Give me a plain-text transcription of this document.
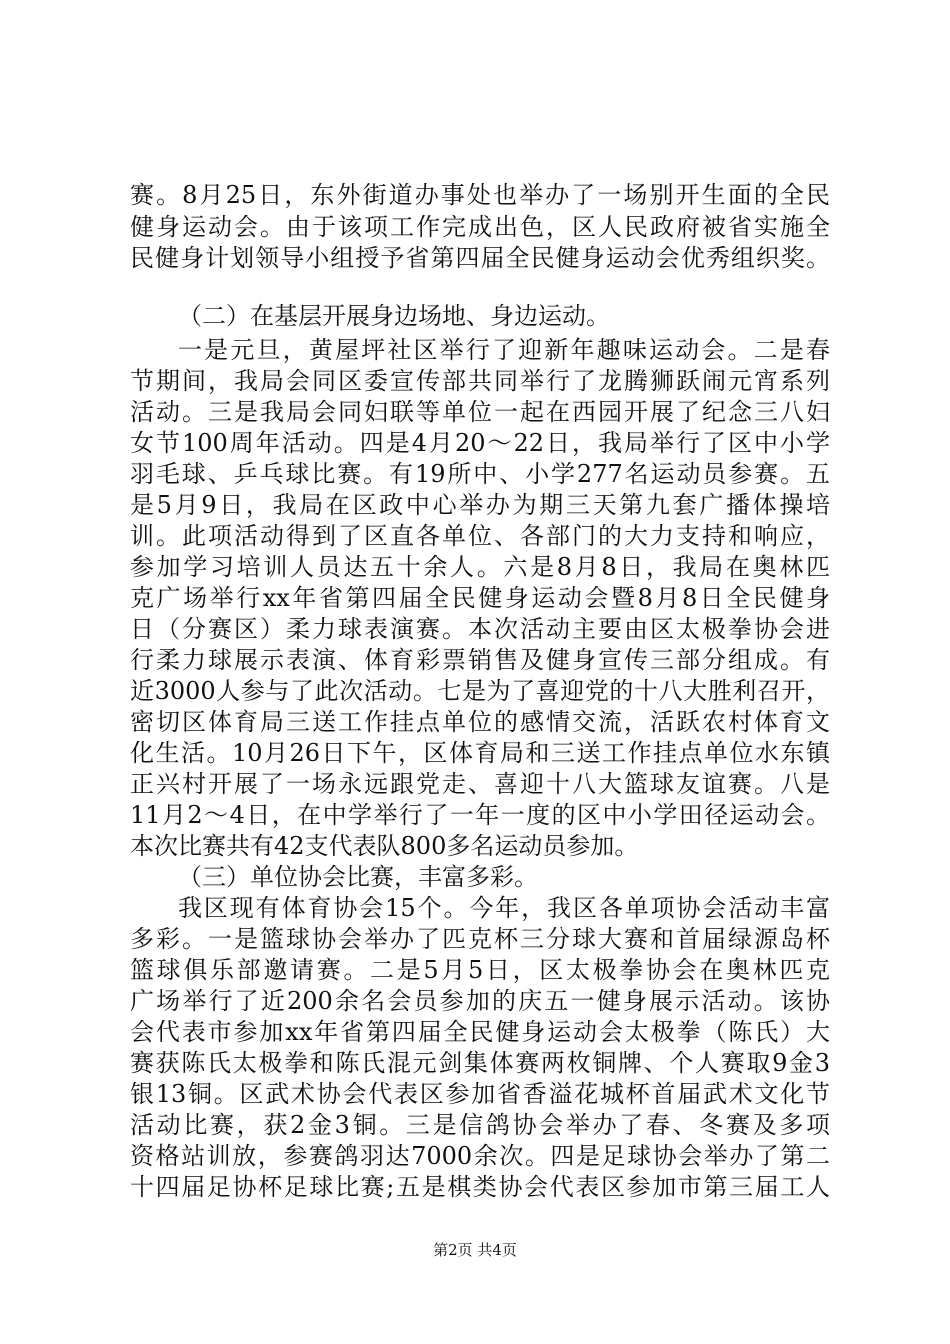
赛。8月25日，东外街道办事处也举办了一场别开生面的全民
健身运动会。由于该项工作完成出色，区人民政府被省实施全
民健身计划领导小组授予省第四届全民健身运动会优秀组织奖。
（二）在基层开展身边场地、身边运动。
一是元旦，黄屋坪社区举行了迎新年趣味运动会。二是春
节期间，我局会同区委宣传部共同举行了龙腾狮跃闹元宵系列
活动。三是我局会同妇联等单位一起在西园开展了纪念三八妇
女节100周年活动。四是4月20～22日，我局举行了区中小学
羽毛球、乒乓球比赛。有19所中、小学277名运动员参赛。五
是5月9日，我局在区政中心举办为期三天第九套广播体操培
训。此项活动得到了区直各单位、各部门的大力支持和响应，
参加学习培训人员达五十余人。六是8月8日，我局在奥林匹
克广场举行xx年省第四届全民健身运动会暨8月8日全民健身
日（分赛区）柔力球表演赛。本次活动主要由区太极拳协会进
行柔力球展示表演、体育彩票销售及健身宣传三部分组成。有
近3000人参与了此次活动。七是为了喜迎党的十八大胜利召开，
密切区体育局三送工作挂点单位的感情交流，活跃农村体育文
化生活。10月26日下午，区体育局和三送工作挂点单位水东镇
正兴村开展了一场永远跟党走、喜迎十八大篮球友谊赛。八是
11月2～4日，在中学举行了一年一度的区中小学田径运动会。
本次比赛共有42支代表队800多名运动员参加。
（三）单位协会比赛，丰富多彩。
我区现有体育协会15个。今年，我区各单项协会活动丰富
多彩。一是篮球协会举办了匹克杯三分球大赛和首届绿源岛杯
篮球俱乐部邀请赛。二是5月5日，区太极拳协会在奥林匹克
广场举行了近200余名会员参加的庆五一健身展示活动。该协
会代表市参加xx年省第四届全民健身运动会太极拳（陈氏）大
赛获陈氏太极拳和陈氏混元剑集体赛两枚铜牌、个人赛取9金3
银13铜。区武术协会代表区参加省香溢花城杯首届武术文化节
活动比赛，获2金3铜。三是信鸽协会举办了春、冬赛及多项
资格站训放，参赛鸽羽达7000余次。四是足球协会举办了第二
十四届足协杯足球比赛;五是棋类协会代表区参加市第三届工人
第2页 共4页
